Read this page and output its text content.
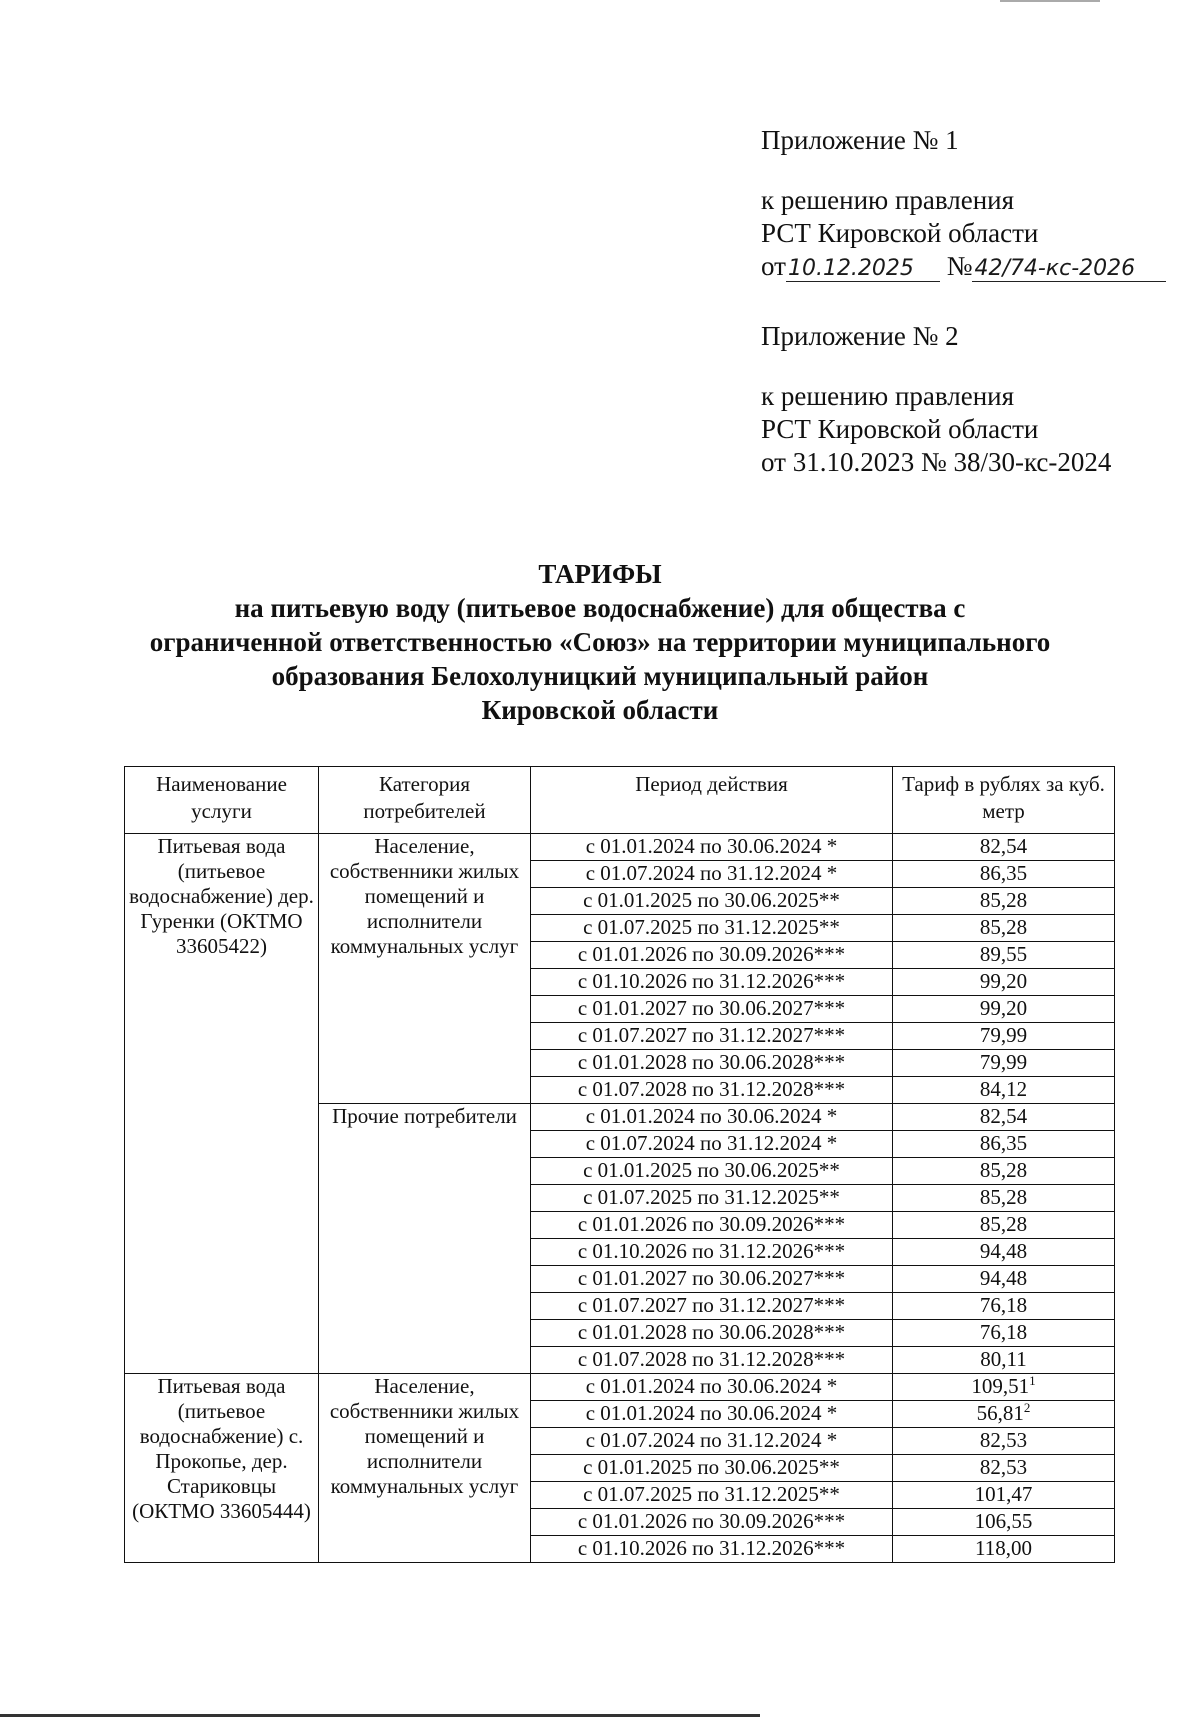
Приложение № 1
к решению правления
РСТ Кировской области
от10.12.2025 №42/74-кс-2026
Приложение № 2
к решению правления
РСТ Кировской области
от 31.10.2023 № 38/30-кс-2024
ТАРИФЫ
на питьевую воду (питьевое водоснабжение) для общества с
ограниченной ответственностью «Союз» на территории муниципального
образования Белохолуницкий муниципальный район
Кировской области
Наименование услуги	Категория потребителей	Период действия	Тариф в рублях за куб. метр
Питьевая вода (питьевое водоснабжение) дер. Гуренки (ОКТМО 33605422)	Население, собственники жилых помещений и исполнители коммунальных услуг	с 01.01.2024 по 30.06.2024 *	82,54
		с 01.07.2024 по 31.12.2024 *	86,35
		с 01.01.2025 по 30.06.2025**	85,28
		с 01.07.2025 по 31.12.2025**	85,28
		с 01.01.2026 по 30.09.2026***	89,55
		с 01.10.2026 по 31.12.2026***	99,20
		с 01.01.2027 по 30.06.2027***	99,20
		с 01.07.2027 по 31.12.2027***	79,99
		с 01.01.2028 по 30.06.2028***	79,99
		с 01.07.2028 по 31.12.2028***	84,12
	Прочие потребители	с 01.01.2024 по 30.06.2024 *	82,54
		с 01.07.2024 по 31.12.2024 *	86,35
		с 01.01.2025 по 30.06.2025**	85,28
		с 01.07.2025 по 31.12.2025**	85,28
		с 01.01.2026 по 30.09.2026***	85,28
		с 01.10.2026 по 31.12.2026***	94,48
		с 01.01.2027 по 30.06.2027***	94,48
		с 01.07.2027 по 31.12.2027***	76,18
		с 01.01.2028 по 30.06.2028***	76,18
		с 01.07.2028 по 31.12.2028***	80,11
Питьевая вода (питьевое водоснабжение) с. Прокопье, дер. Стариковцы (ОКТМО 33605444)	Население, собственники жилых помещений и исполнители коммунальных услуг	с 01.01.2024 по 30.06.2024 *	109,51$^1$
		с 01.01.2024 по 30.06.2024 *	56,81$^2$
		с 01.07.2024 по 31.12.2024 *	82,53
		с 01.01.2025 по 30.06.2025**	82,53
		с 01.07.2025 по 31.12.2025**	101,47
		с 01.01.2026 по 30.09.2026***	106,55
		с 01.10.2026 по 31.12.2026***	118,00
